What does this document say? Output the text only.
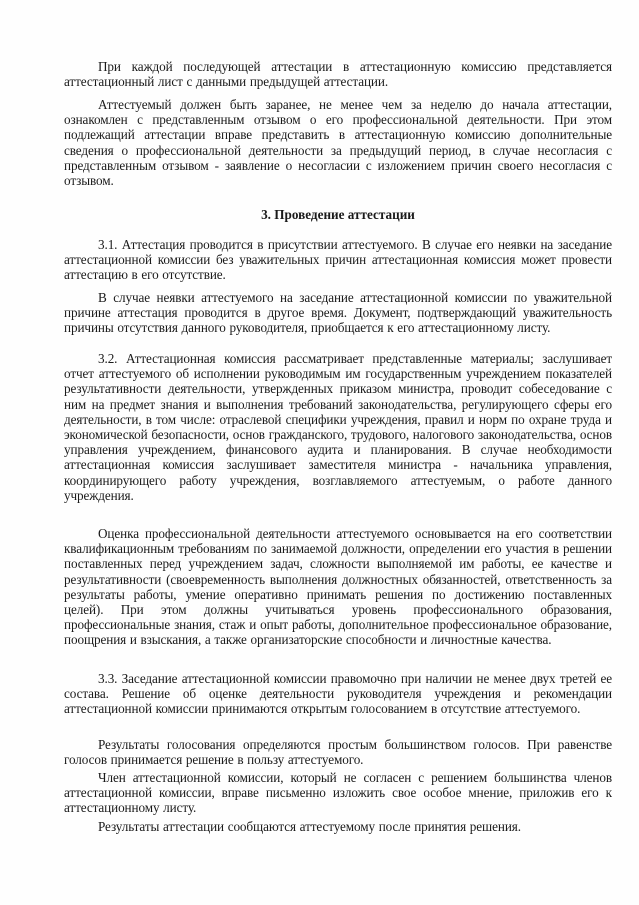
При каждой последующей аттестации в аттестационную комиссию представляется аттестационный лист с данными предыдущей аттестации.

Аттестуемый должен быть заранее, не менее чем за неделю до начала аттестации, ознакомлен с представленным отзывом о его профессиональной деятельности. При этом подлежащий аттестации вправе представить в аттестационную комиссию дополнительные сведения о профессиональной деятельности за предыдущий период, в случае несогласия с представленным отзывом - заявление о несогласии с изложением причин своего несогласия с отзывом.

3. Проведение аттестации

3.1. Аттестация проводится в присутствии аттестуемого. В случае его неявки на заседание аттестационной комиссии без уважительных причин аттестационная комиссия может провести аттестацию в его отсутствие.

В случае неявки аттестуемого на заседание аттестационной комиссии по уважительной причине аттестация проводится в другое время. Документ, подтверждающий уважительность причины отсутствия данного руководителя, приобщается к его аттестационному листу.

3.2. Аттестационная комиссия рассматривает представленные материалы; заслушивает отчет аттестуемого об исполнении руководимым им государственным учреждением показателей результативности деятельности, утвержденных приказом министра, проводит собеседование с ним на предмет знания и выполнения требований законодательства, регулирующего сферы его деятельности, в том числе: отраслевой специфики учреждения, правил и норм по охране труда и экономической безопасности, основ гражданского, трудового, налогового законодательства, основ управления учреждением, финансового аудита и планирования. В случае необходимости аттестационная комиссия заслушивает заместителя министра - начальника управления, координирующего работу учреждения, возглавляемого аттестуемым, о работе данного учреждения.

Оценка профессиональной деятельности аттестуемого основывается на его соответствии квалификационным требованиям по занимаемой должности, определении его участия в решении поставленных перед учреждением задач, сложности выполняемой им работы, ее качестве и результативности (своевременность выполнения должностных обязанностей, ответственность за результаты работы, умение оперативно принимать решения по достижению поставленных целей). При этом должны учитываться уровень профессионального образования, профессиональные знания, стаж и опыт работы, дополнительное профессиональное образование, поощрения и взыскания, а также организаторские способности и личностные качества.

3.3. Заседание аттестационной комиссии правомочно при наличии не менее двух третей ее состава. Решение об оценке деятельности руководителя учреждения и рекомендации аттестационной комиссии принимаются открытым голосованием в отсутствие аттестуемого.

Результаты голосования определяются простым большинством голосов. При равенстве голосов принимается решение в пользу аттестуемого.

Член аттестационной комиссии, который не согласен с решением большинства членов аттестационной комиссии, вправе письменно изложить свое особое мнение, приложив его к аттестационному листу.

Результаты аттестации сообщаются аттестуемому после принятия решения.
